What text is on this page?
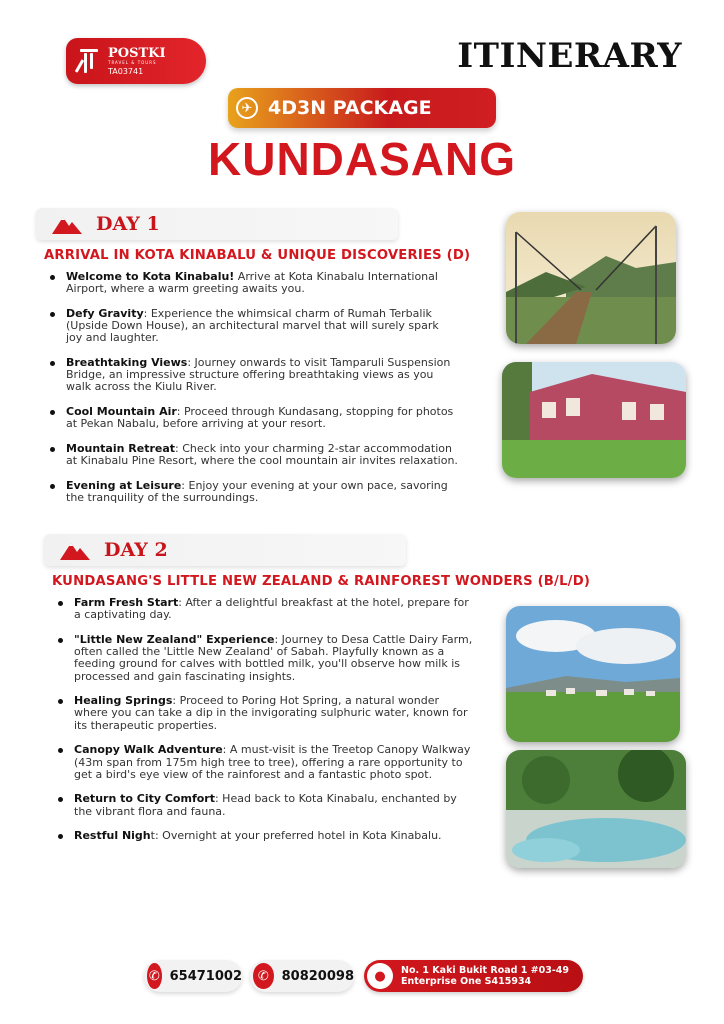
POSTKI
TRAVEL & TOURS
TA03741	ITINERARY
✈ 4D3N PACKAGE
KUNDASANG
DAY 1
ARRIVAL IN KOTA KINABALU & UNIQUE DISCOVERIES (D)
Welcome to Kota Kinabalu! Arrive at Kota Kinabalu International Airport, where a warm greeting awaits you.
Defy Gravity: Experience the whimsical charm of Rumah Terbalik (Upside Down House), an architectural marvel that will surely spark joy and laughter.
Breathtaking Views: Journey onwards to visit Tamparuli Suspension Bridge, an impressive structure offering breathtaking views as you walk across the Kiulu River.
Cool Mountain Air: Proceed through Kundasang, stopping for photos at Pekan Nabalu, before arriving at your resort.
Mountain Retreat: Check into your charming 2-star accommodation at Kinabalu Pine Resort, where the cool mountain air invites relaxation.
Evening at Leisure: Enjoy your evening at your own pace, savoring the tranquility of the surroundings.
DAY 2
KUNDASANG'S LITTLE NEW ZEALAND & RAINFOREST WONDERS (B/L/D)
Farm Fresh Start: After a delightful breakfast at the hotel, prepare for a captivating day.
"Little New Zealand" Experience: Journey to Desa Cattle Dairy Farm, often called the 'Little New Zealand' of Sabah. Playfully known as a feeding ground for calves with bottled milk, you'll observe how milk is processed and gain fascinating insights.
Healing Springs: Proceed to Poring Hot Spring, a natural wonder where you can take a dip in the invigorating sulphuric water, known for its therapeutic properties.
Canopy Walk Adventure: A must-visit is the Treetop Canopy Walkway (43m span from 175m high tree to tree), offering a rare opportunity to get a bird's eye view of the rainforest and a fantastic photo spot.
Return to City Comfort: Head back to Kota Kinabalu, enchanted by the vibrant flora and fauna.
Restful Night: Overnight at your preferred hotel in Kota Kinabalu.
✆ 65471002	✆ 80820098	●	No. 1 Kaki Bukit Road 1 #03-49
Enterprise One S415934
